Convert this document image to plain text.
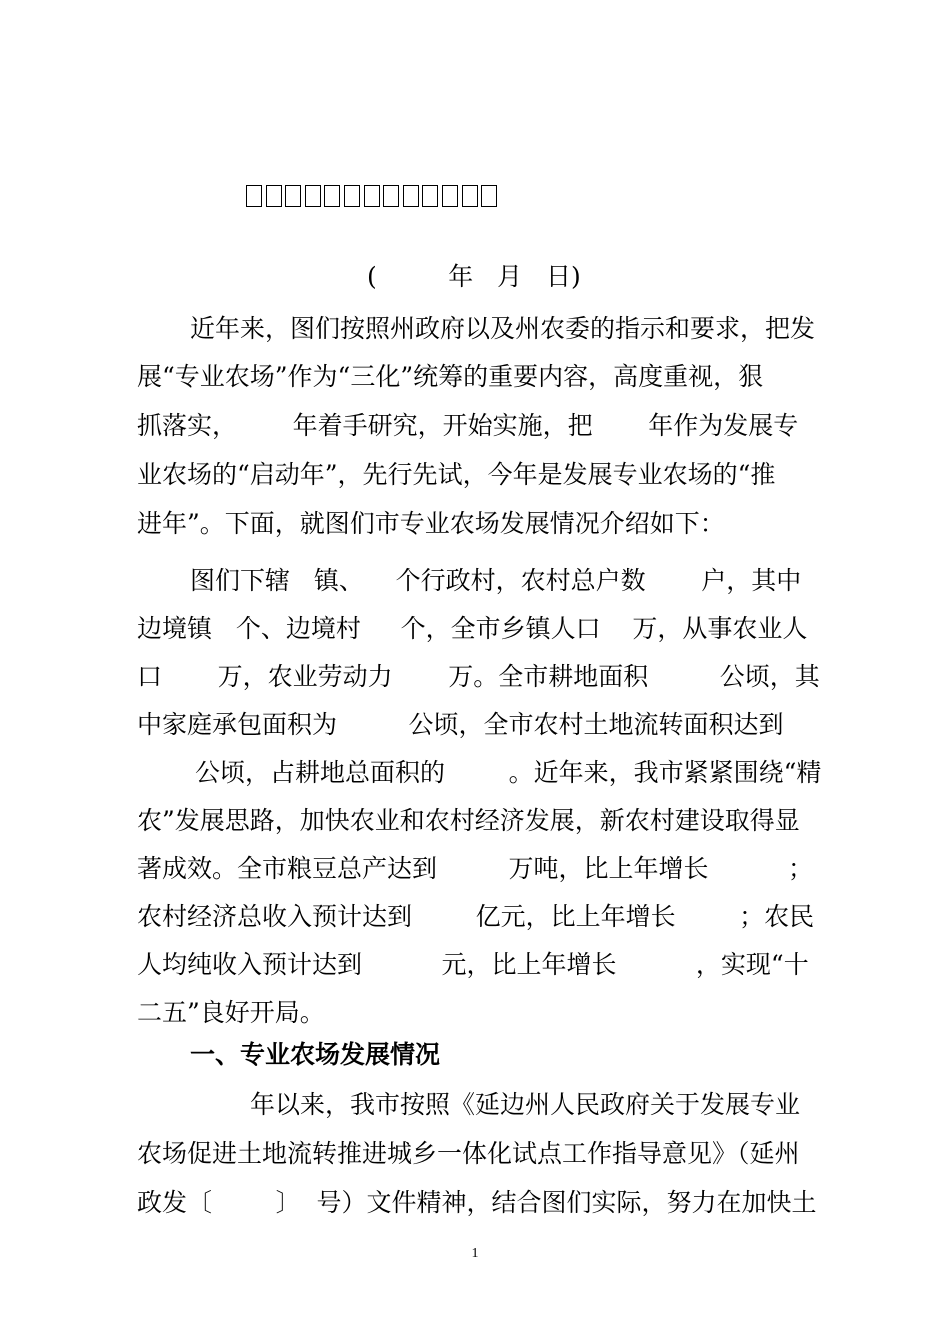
(         年   月   日)
近年来，图们按照州政府以及州农委的指示和要求，把发
展“专业农场”作为“三化”统筹的重要内容，高度重视，狠
抓落实，       年着手研究，开始实施，把       年作为发展专
业农场的“启动年”，先行先试，今年是发展专业农场的“推
进年”。下面，就图们市专业农场发展情况介绍如下：
图们下辖   镇、    个行政村，农村总户数       户，其中
边境镇   个、边境村     个，全市乡镇人口    万，从事农业人
口       万，农业劳动力       万。全市耕地面积         公顷，其
中家庭承包面积为         公顷，全市农村土地流转面积达到
公顷，占耕地总面积的        。近年来，我市紧紧围绕“精
农”发展思路，加快农业和农村经济发展，新农村建设取得显
著成效。全市粮豆总产达到         万吨，比上年增长          ；
农村经济总收入预计达到        亿元，比上年增长        ；农民
人均纯收入预计达到          元，比上年增长          ，实现“十
二五”良好开局。
一、专业农场发展情况
年以来，我市按照《延边州人民政府关于发展专业
农场促进土地流转推进城乡一体化试点工作指导意见》（延州
政发〔        〕  号）文件精神，结合图们实际，努力在加快土
1
